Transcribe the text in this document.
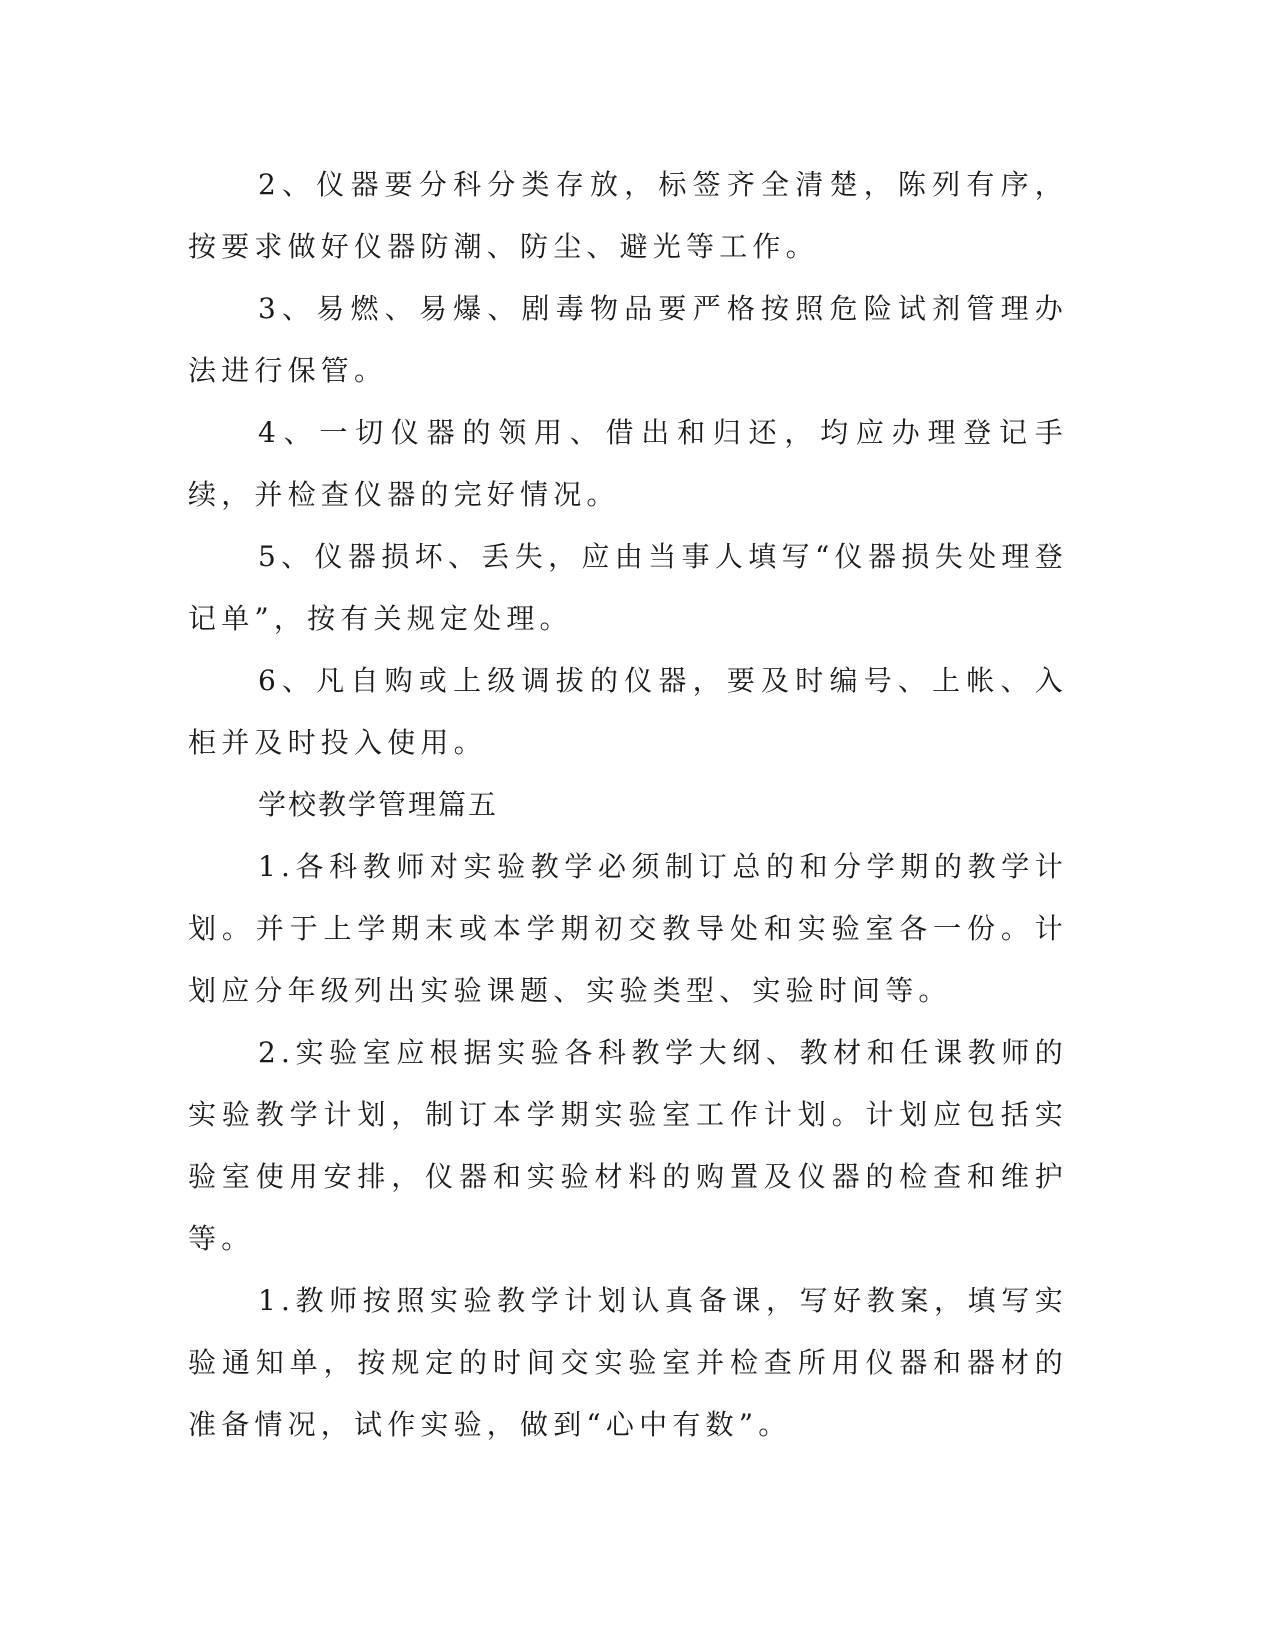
2、仪器要分科分类存放，标签齐全清楚，陈列有序，按要求做好仪器防潮、防尘、避光等工作。

3、易燃、易爆、剧毒物品要严格按照危险试剂管理办法进行保管。

4、一切仪器的领用、借出和归还，均应办理登记手续，并检查仪器的完好情况。

5、仪器损坏、丢失，应由当事人填写“仪器损失处理登记单”，按有关规定处理。

6、凡自购或上级调拔的仪器，要及时编号、上帐、入柜并及时投入使用。

学校教学管理篇五

1.各科教师对实验教学必须制订总的和分学期的教学计划。并于上学期末或本学期初交教导处和实验室各一份。计划应分年级列出实验课题、实验类型、实验时间等。

2.实验室应根据实验各科教学大纲、教材和任课教师的实验教学计划，制订本学期实验室工作计划。计划应包括实验室使用安排，仪器和实验材料的购置及仪器的检查和维护等。

1.教师按照实验教学计划认真备课，写好教案，填写实验通知单，按规定的时间交实验室并检查所用仪器和器材的准备情况，试作实验，做到“心中有数”。
